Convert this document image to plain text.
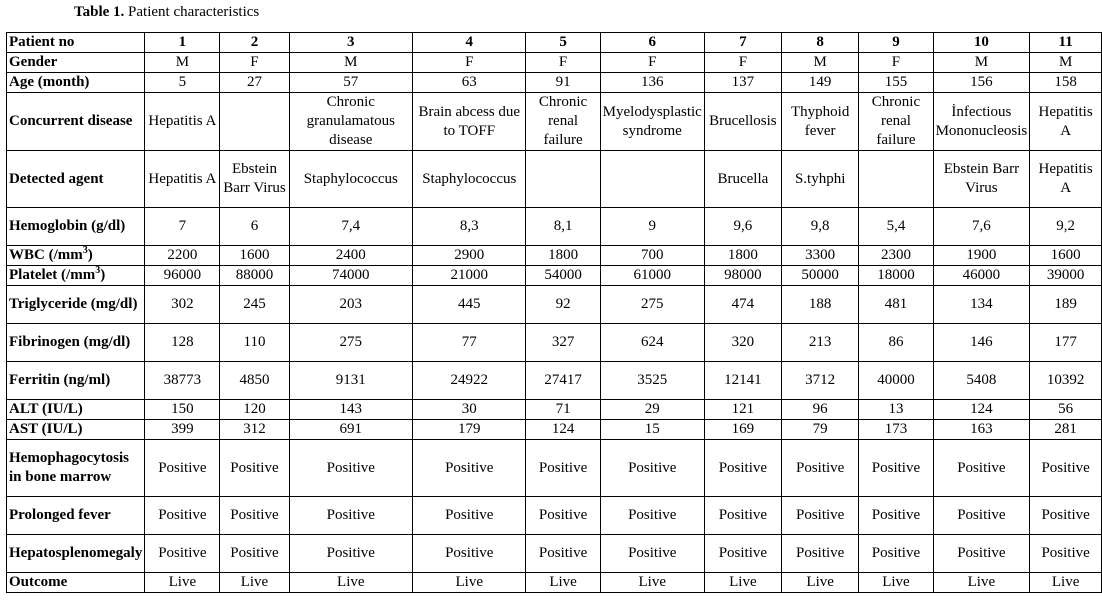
Table 1. Patient characteristics
Patient no	1	2	3	4	5	6	7	8	9	10	11
Gender	M	F	M	F	F	F	F	M	F	M	M
Age (month)	5	27	57	63	91	136	137	149	155	156	158
Concurrent disease	Hepatitis A		Chronic granulamatous disease	Brain abcess due to TOFF	Chronic renal failure	Myelodysplastic syndrome	Brucellosis	Thyphoid fever	Chronic renal failure	İnfectious Mononucleosis	Hepatitis A
Detected agent	Hepatitis A	Ebstein Barr Virus	Staphylococcus	Staphylococcus			Brucella	S.tyhphi		Ebstein Barr Virus	Hepatitis A
Hemoglobin (g/dl)	7	6	7,4	8,3	8,1	9	9,6	9,8	5,4	7,6	9,2
WBC $(/mm^3)$	2200	1600	2400	2900	1800	700	1800	3300	2300	1900	1600
Platelet $(/mm^3)$	96000	88000	74000	21000	54000	61000	98000	50000	18000	46000	39000
Triglyceride (mg/dl)	302	245	203	445	92	275	474	188	481	134	189
Fibrinogen (mg/dl)	128	110	275	77	327	624	320	213	86	146	177
Ferritin (ng/ml)	38773	4850	9131	24922	27417	3525	12141	3712	40000	5408	10392
ALT (IU/L)	150	120	143	30	71	29	121	96	13	124	56
AST (IU/L)	399	312	691	179	124	15	169	79	173	163	281
Hemophagocytosis in bone marrow	Positive	Positive	Positive	Positive	Positive	Positive	Positive	Positive	Positive	Positive	Positive
Prolonged fever	Positive	Positive	Positive	Positive	Positive	Positive	Positive	Positive	Positive	Positive	Positive
Hepatosplenomegaly	Positive	Positive	Positive	Positive	Positive	Positive	Positive	Positive	Positive	Positive	Positive
Outcome	Live	Live	Live	Live	Live	Live	Live	Live	Live	Live	Live
